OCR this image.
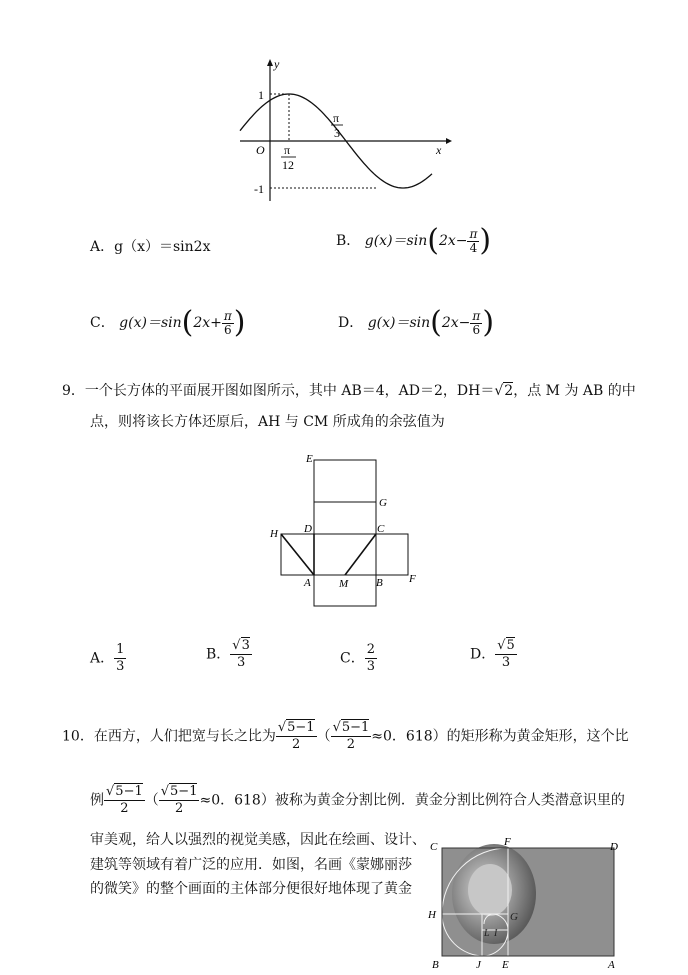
y
x
O
1
-1
π
12
π
3
A．g（x）＝sin2x	B． $g(x)=\sin(2x- \frac{\pi}{4}$ )
C． $g(x)=\sin(2x+ \frac{\pi}{6}$ )	D． $g(x)=\sin(2x- \frac{\pi}{6}$ )
9．一个长方体的平面展开图如图所示，其中 AB＝4，AD＝2，DH＝√2，点 M 为 AB 的中
点，则将该长方体还原后，AH 与 CM 所成角的余弦值为
E
G
D	C
H
A	M	B F
A． $\frac{1}{3}$	B． $\frac{√3}{3}$	C． $\frac{2}{3}$	D． $\frac{√5}{3}$
10．在西方，人们把宽与长之比为 $\frac{√5-1}{2}$ （ $\frac{√5-1}{2} \approx 0$．618）的矩形称为黄金矩形，这个比
例 $\frac{√5-1}{2}$ （ $\frac{√5-1}{2} \approx 0$．618）被称为黄金分割比例．黄金分割比例符合人类潜意识里的
审美观，给人以强烈的视觉美感，因此在绘画、设计、
建筑等领域有着广泛的应用．如图，名画《蒙娜丽莎
的微笑》的整个画面的主体部分便很好地体现了黄金
C	F	D
H	G
L I
B	J E	A
